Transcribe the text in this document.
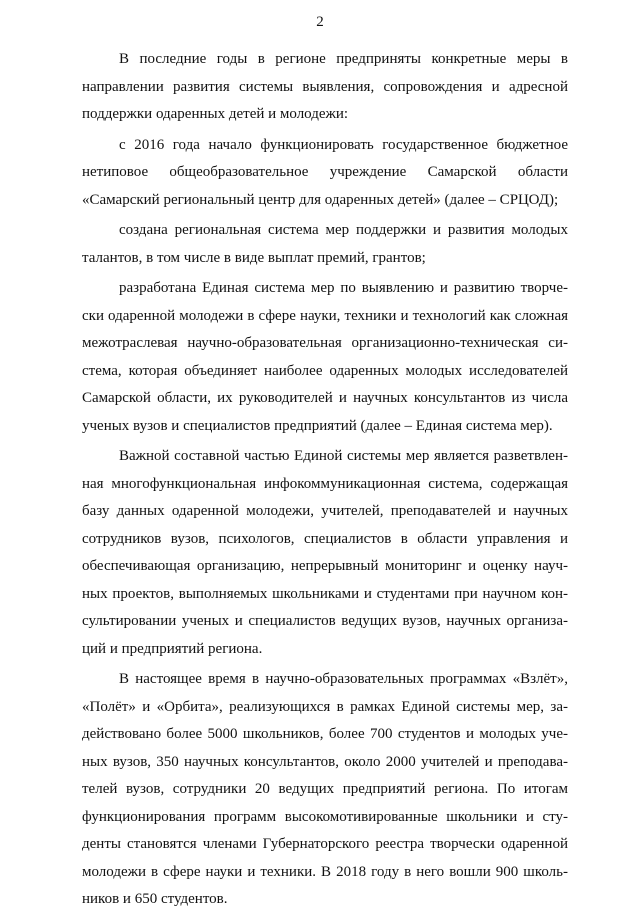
2
В последние годы в регионе предприняты конкретные меры в
направлении развития системы выявления, сопровождения и адресной
поддержки одаренных детей и молодежи:
с 2016 года начало функционировать государственное бюджетное
нетиповое общеобразовательное учреждение Самарской области
«Самарский региональный центр для одаренных детей» (далее – СРЦОД);
создана региональная система мер поддержки и развития молодых
талантов, в том числе в виде выплат премий, грантов;
разработана Единая система мер по выявлению и развитию творче-
ски одаренной молодежи в сфере науки, техники и технологий как сложная
межотраслевая научно-образовательная организационно-техническая си-
стема, которая объединяет наиболее одаренных молодых исследователей
Самарской области, их руководителей и научных консультантов из числа
ученых вузов и специалистов предприятий (далее – Единая система мер).
Важной составной частью Единой системы мер является разветвлен-
ная многофункциональная инфокоммуникационная система, содержащая
базу данных одаренной молодежи, учителей, преподавателей и научных
сотрудников вузов, психологов, специалистов в области управления и
обеспечивающая организацию, непрерывный мониторинг и оценку науч-
ных проектов, выполняемых школьниками и студентами при научном кон-
сультировании ученых и специалистов ведущих вузов, научных организа-
ций и предприятий региона.
В настоящее время в научно-образовательных программах «Взлёт»,
«Полёт» и «Орбита», реализующихся в рамках Единой системы мер, за-
действовано более 5000 школьников, более 700 студентов и молодых уче-
ных вузов, 350 научных консультантов, около 2000 учителей и преподава-
телей вузов, сотрудники 20 ведущих предприятий региона. По итогам
функционирования программ высокомотивированные школьники и сту-
денты становятся членами Губернаторского реестра творчески одаренной
молодежи в сфере науки и техники. В 2018 году в него вошли 900 школь-
ников и 650 студентов.
